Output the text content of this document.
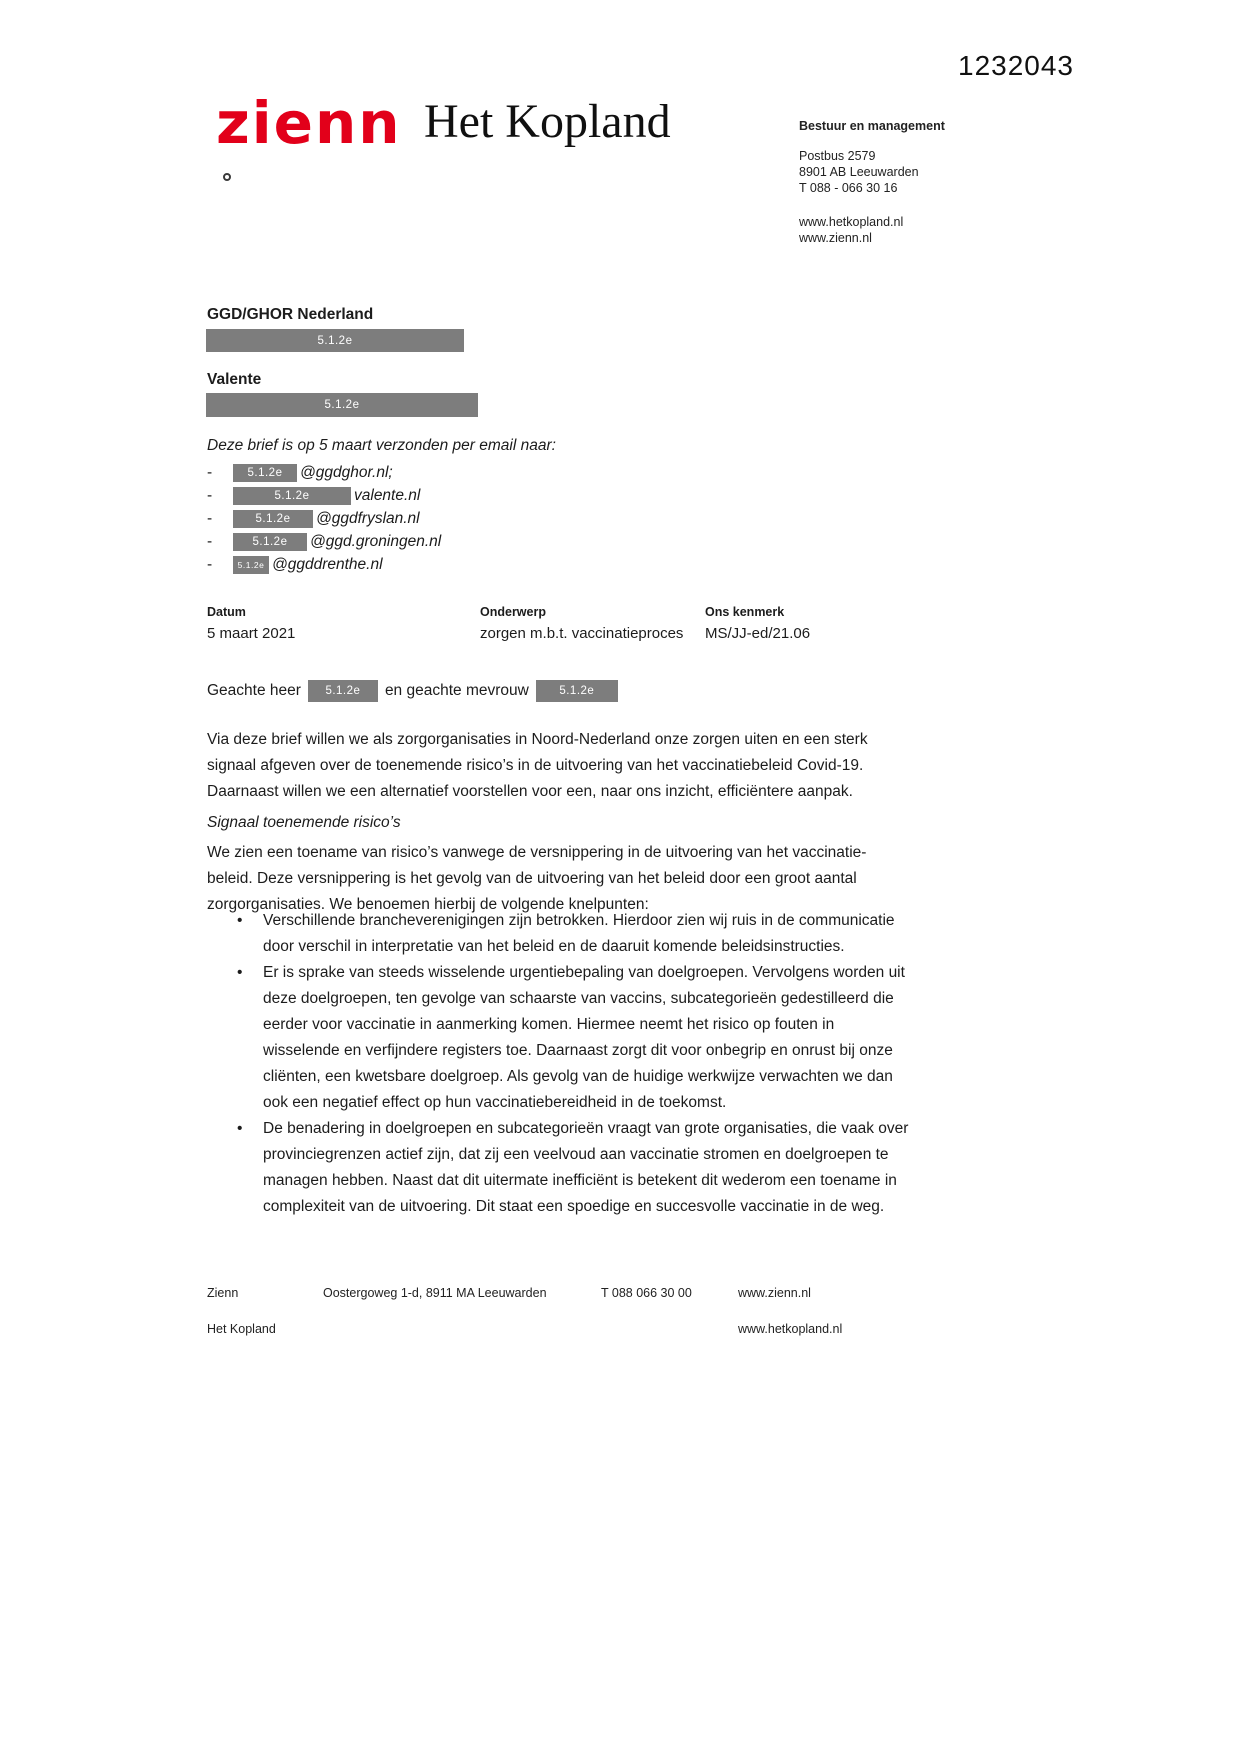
1232043
zienn Het Kopland	Bestuur en management
Postbus 2579
8901 AB Leeuwarden
T 088 - 066 30 16
www.hetkopland.nl
www.zienn.nl
GGD/GHOR Nederland
5.1.2e
Valente
5.1.2e
Deze brief is op 5 maart verzonden per email naar:
- 5.1.2e	@ggdghor.nl;
- 5.1.2e	valente.nl
- 5.1.2e	@ggdfryslan.nl
- 5.1.2e	@ggd.groningen.nl
- 5.1.2e @ggddrenthe.nl
Datum
5 maart 2021
Onderwerp
zorgen m.b.t. vaccinatieproces
Ons kenmerk
MS/JJ-ed/21.06
Geachte heer	5.1.2e	en geachte mevrouw	5.1.2e
Via deze brief willen we als zorgorganisaties in Noord-Nederland onze zorgen uiten en een sterk signaal afgeven over de toenemende risico’s in de uitvoering van het vaccinatiebeleid Covid-19. Daarnaast willen we een alternatief voorstellen voor een, naar ons inzicht, efficiëntere aanpak.
Signaal toenemende risico’s
We zien een toename van risico’s vanwege de versnippering in de uitvoering van het vaccinatie-beleid. Deze versnippering is het gevolg van de uitvoering van het beleid door een groot aantal zorgorganisaties. We benoemen hierbij de volgende knelpunten:
• Verschillende brancheverenigingen zijn betrokken. Hierdoor zien wij ruis in de communicatie door verschil in interpretatie van het beleid en de daaruit komende beleidsinstructies.
• Er is sprake van steeds wisselende urgentiebepaling van doelgroepen. Vervolgens worden uit deze doelgroepen, ten gevolge van schaarste van vaccins, subcategorieën gedestilleerd die eerder voor vaccinatie in aanmerking komen. Hiermee neemt het risico op fouten in wisselende en verfijndere registers toe. Daarnaast zorgt dit voor onbegrip en onrust bij onze cliënten, een kwetsbare doelgroep. Als gevolg van de huidige werkwijze verwachten we dan ook een negatief effect op hun vaccinatiebereidheid in de toekomst.
• De benadering in doelgroepen en subcategorieën vraagt van grote organisaties, die vaak over provinciegrenzen actief zijn, dat zij een veelvoud aan vaccinatie stromen en doelgroepen te managen hebben. Naast dat dit uitermate inefficiënt is betekent dit wederom een toename in complexiteit van de uitvoering. Dit staat een spoedige en succesvolle vaccinatie in de weg.
Zienn	Oostergoweg 1-d, 8911 MA Leeuwarden	T 088 066 30 00	www.zienn.nl
Het Kopland	www.hetkopland.nl
